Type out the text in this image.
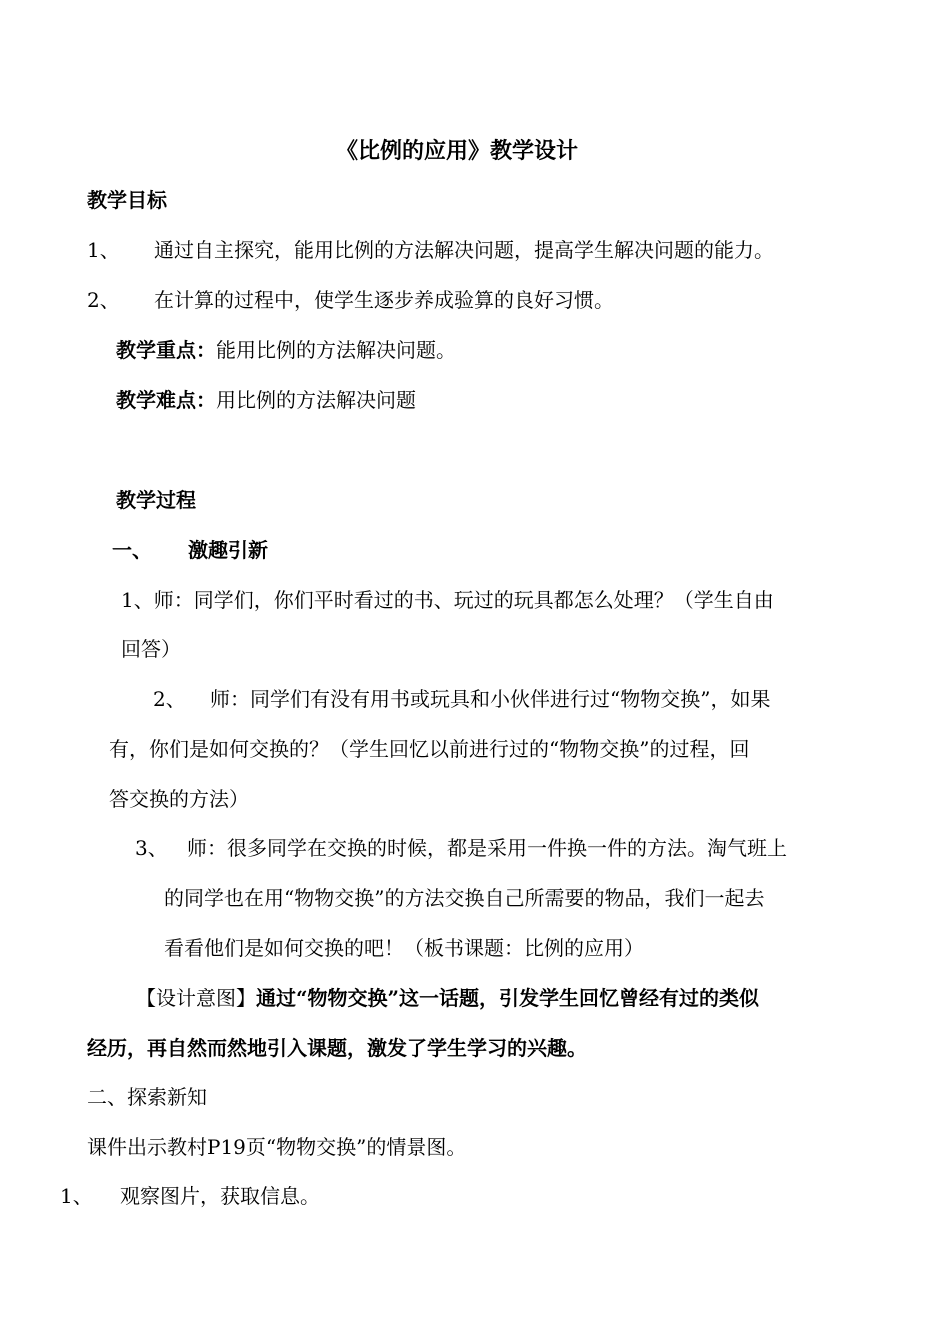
《比例的应用》教学设计
教学目标
1、 通过自主探究，能用比例的方法解决问题，提高学生解决问题的能力。
2、 在计算的过程中，使学生逐步养成验算的良好习惯。
教学重点：能用比例的方法解决问题。
教学难点：用比例的方法解决问题
教学过程
一、 激趣引新
1、师：同学们，你们平时看过的书、玩过的玩具都怎么处理？（学生自由
回答）
2、 师：同学们有没有用书或玩具和小伙伴进行过“物物交换”，如果
有，你们是如何交换的？（学生回忆以前进行过的“物物交换”的过程，回
答交换的方法）
3、 师：很多同学在交换的时候，都是采用一件换一件的方法。淘气班上
的同学也在用“物物交换”的方法交换自己所需要的物品，我们一起去
看看他们是如何交换的吧！（板书课题：比例的应用）
【设计意图】通过“物物交换”这一话题，引发学生回忆曾经有过的类似
经历，再自然而然地引入课题，激发了学生学习的兴趣。
二、探索新知
课件出示教村P19页“物物交换”的情景图。
1、 观察图片，获取信息。
